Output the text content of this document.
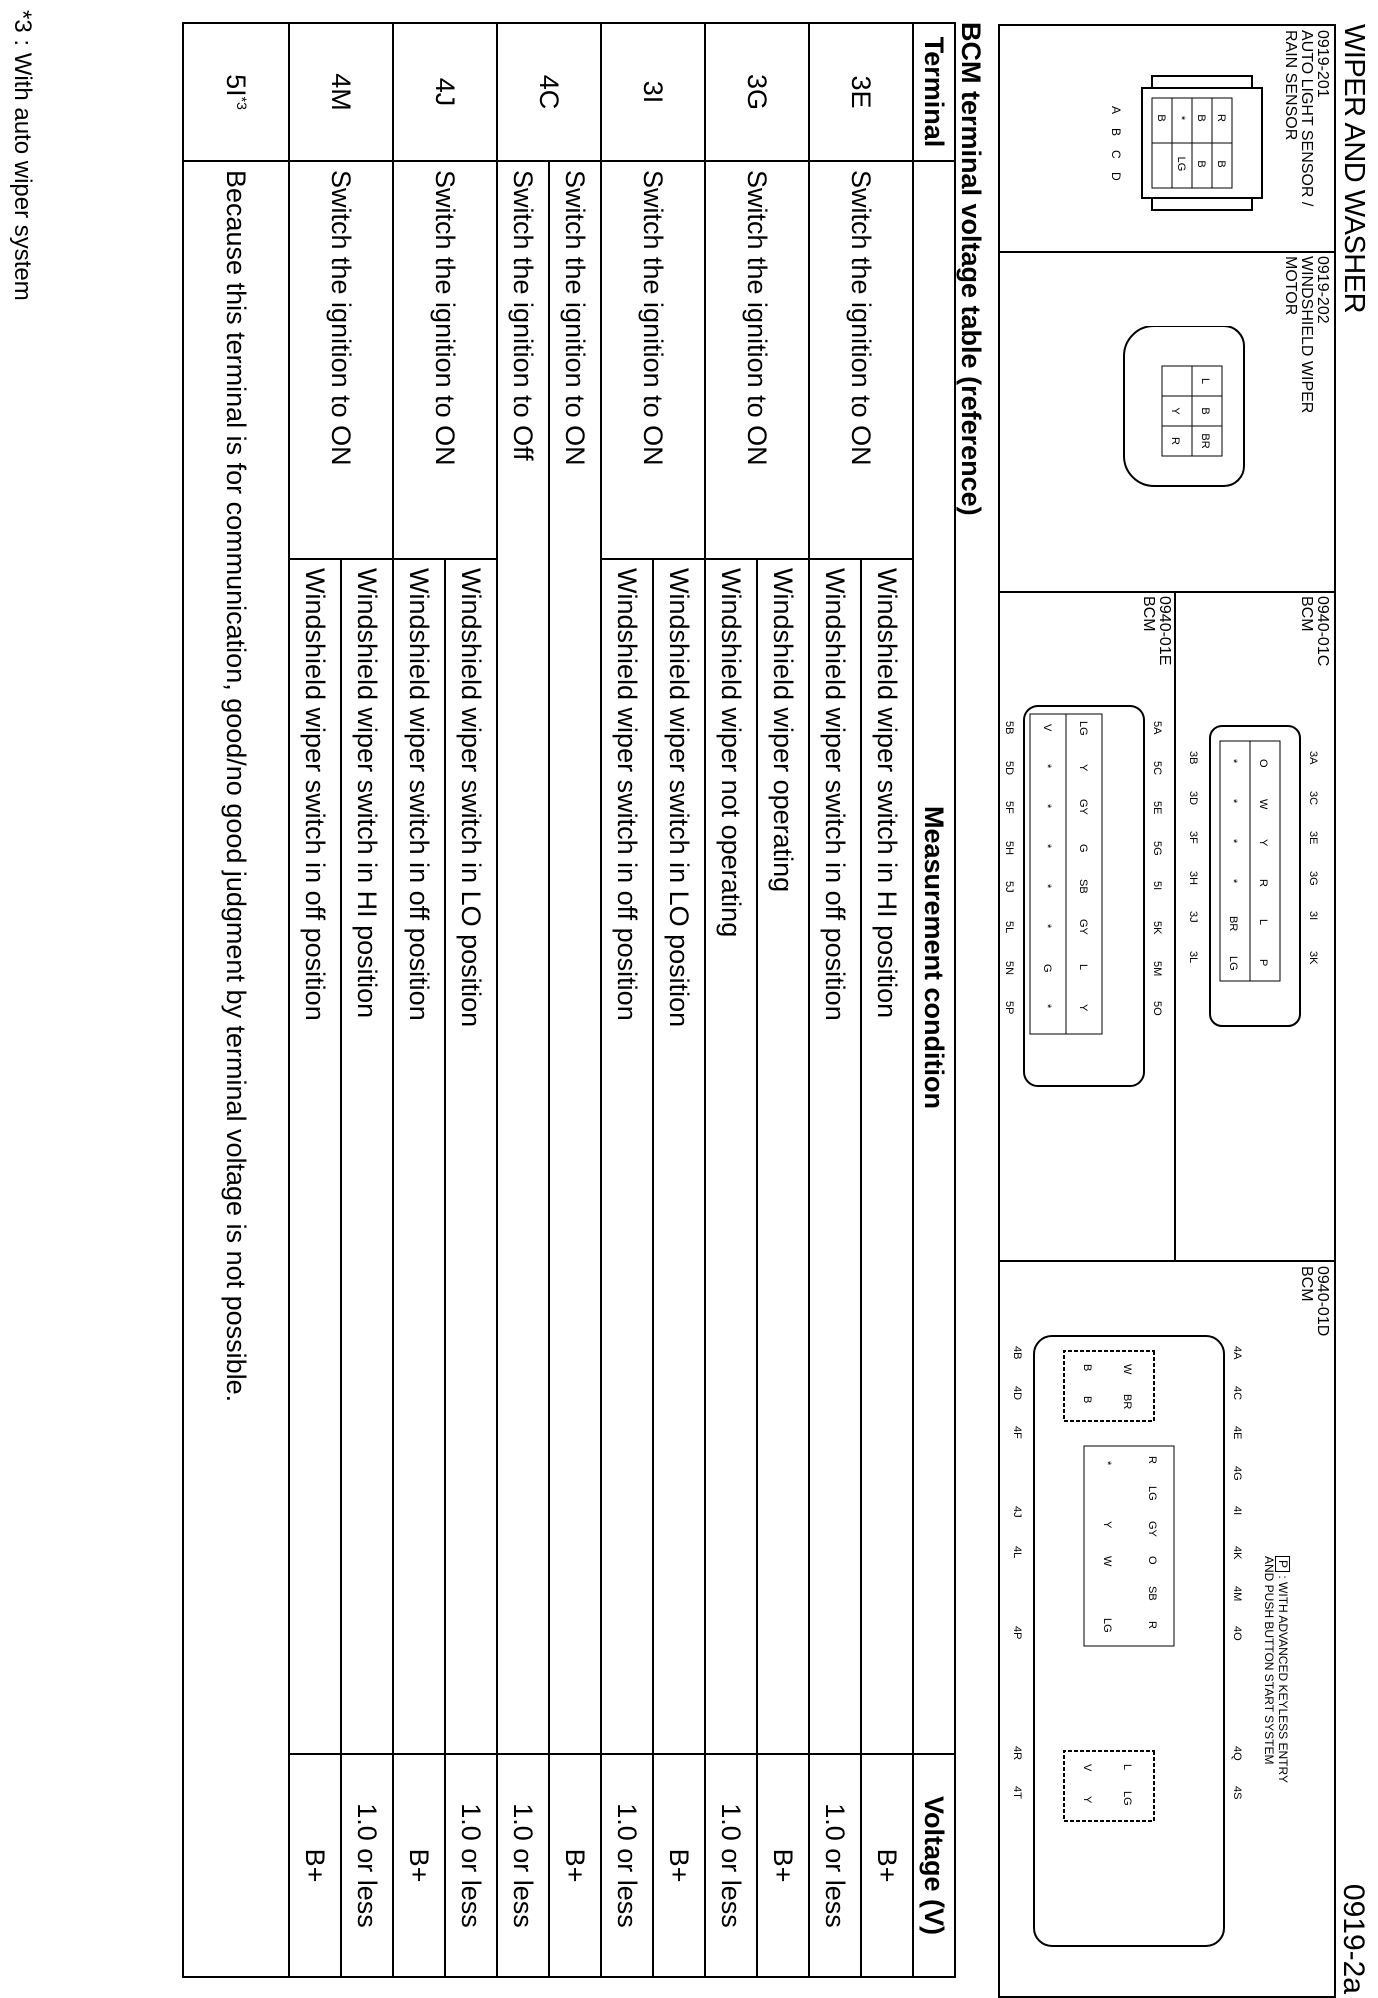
WIPER AND WASHER
0919-2a
0919-201
AUTO LIGHT SENSOR /
RAIN SENSOR
R
B
B
B
*
LG
B
A
B
C
D
0919-202
WINDSHIELD WIPER
MOTOR
L
B
BR
Y
R
0940-01C
BCM
3A
3C
3E
3G
3I
3K
3B
3D
3F
3H
3J
3L
O
W
Y
R
L
P
*
*
*
*
BR
LG
0940-01E
BCM
5A
5C
5E
5G
5I
5K
5M
5O
5B
5D
5F
5H
5J
5L
5N
5P
LG
Y
GY
G
SB
GY
L
Y
V
*
*
*
*
*
G
*
0940-01D
BCM
P : WITH ADVANCED KEYLESS ENTRY
AND PUSH BUTTON START SYSTEM
4A
4C
4E
4G
4I
4K
4M
4O
4Q
4S
4B
4D
4F
4J
4L
4P
4R
4T
W
BR
B
B
R
LG
GY
O
SB
R
*
Y
W
LG
L
LG
V
Y
BCM terminal voltage table (reference)
Terminal	Measurement condition		Voltage (V)
3E	Switch the ignition to ON	Windshield wiper switch in HI position	B+
		Windshield wiper switch in off position	1.0 or less
3G	Switch the ignition to ON	Windshield wiper operating	B+
		Windshield wiper not operating	1.0 or less
3I	Switch the ignition to ON	Windshield wiper switch in LO position	B+
		Windshield wiper switch in off position	1.0 or less
4C	Switch the ignition to ON		B+
	Switch the ignition to Off		1.0 or less
4J	Switch the ignition to ON	Windshield wiper switch in LO position	1.0 or less
		Windshield wiper switch in off position	B+
4M	Switch the ignition to ON	Windshield wiper switch in HI position	1.0 or less
		Windshield wiper switch in off position	B+
$5I^{*3}$	Because this terminal is for communication, good/no good judgment by terminal voltage is not possible.		
*3 : With auto wiper system
